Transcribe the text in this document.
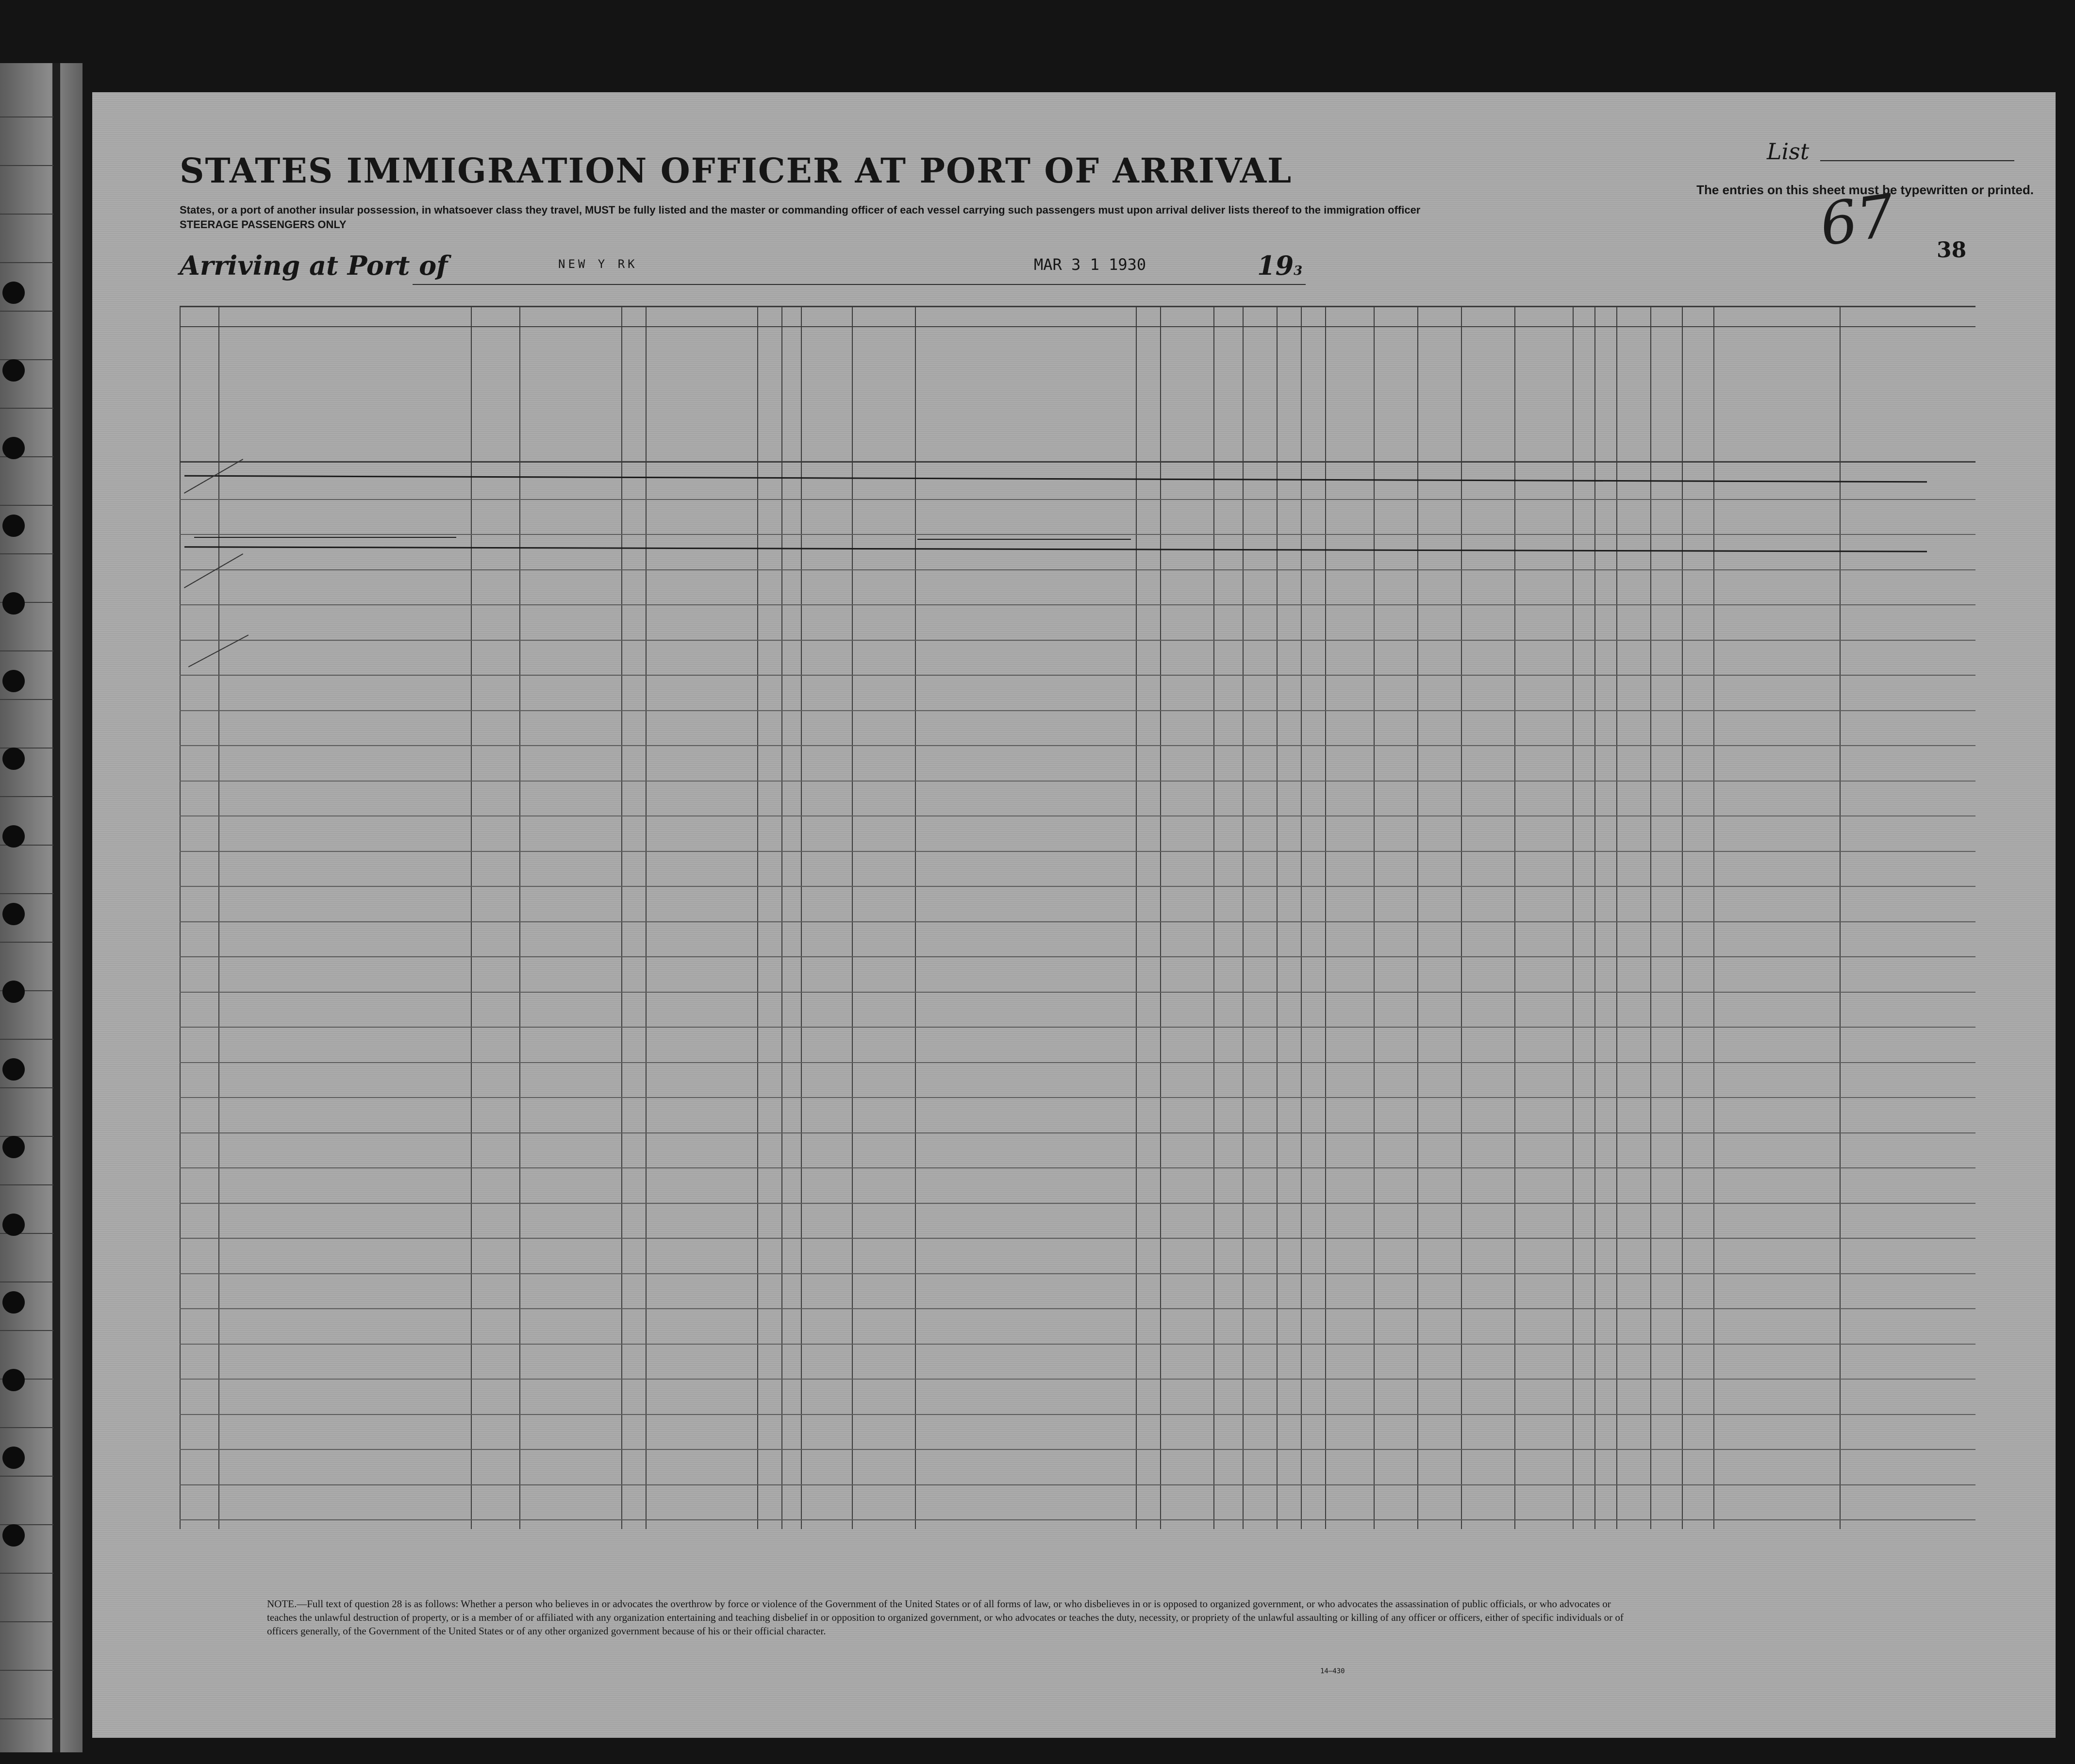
STATES IMMIGRATION OFFICER AT PORT OF ARRIVAL
States, or a port of another insular possession, in whatsoever class they travel, MUST be fully listed and the master or commanding officer of each vessel carrying such passengers must upon arrival deliver lists thereof to the immigration officer
STEERAGE PASSENGERS ONLY
List
The entries on this sheet must be typewritten or printed.
67 38
Arriving at Port of	NEW Y RK	MAR 3 1 1930	193
NOTE.—Full text of question 28 is as follows: Whether a person who believes in or advocates the overthrow by force or violence of the Government of the United States or of all forms of law, or who disbelieves in or is opposed to organized government, or who advocates the assassination of public officials, or who advocates or teaches the unlawful destruction of property, or is a member of or affiliated with any organization entertaining and teaching disbelief in or opposition to organized government, or who advocates or teaches the duty, necessity, or propriety of the unlawful assaulting or killing of any officer or officers, either of specific individuals or of officers generally, of the Government of the United States or of any other organized government because of his or their official character.
14—430
